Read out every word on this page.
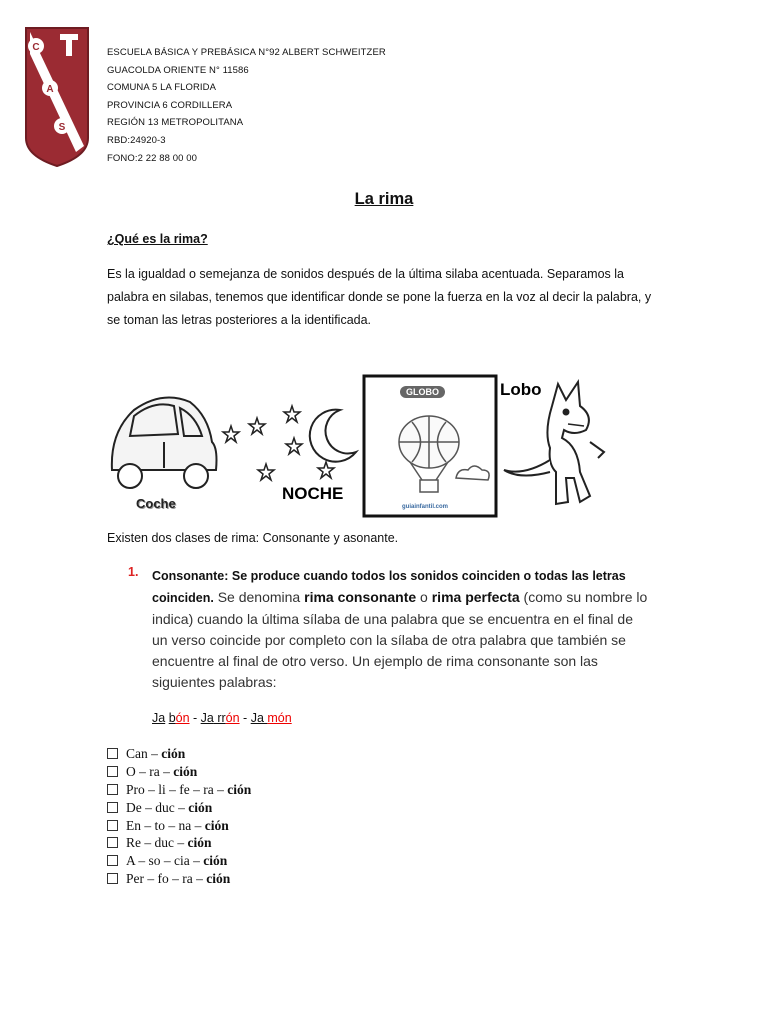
C
A
S
ESCUELA BÁSICA Y PREBÁSICA N°92 ALBERT SCHWEITZER
GUACOLDA ORIENTE N° 11586
COMUNA 5 LA FLORIDA
PROVINCIA 6 CORDILLERA
REGIÓN 13 METROPOLITANA
RBD:24920-3
FONO:2 22 88 00 00
La rima
¿Qué es la rima?
Es la igualdad o semejanza de sonidos después de la última silaba acentuada. Separamos la palabra en silabas, tenemos que identificar donde se pone la fuerza en la voz al decir la palabra, y se toman las letras posteriores a la identificada.
Coche
NOCHE
GLOBO	Lobo
guiainfantil.com
Existen dos clases de rima: Consonante y asonante.
1. Consonante: Se produce cuando todos los sonidos coinciden o todas las letras coinciden. Se denomina rima consonante o rima perfecta (como su nombre lo indica) cuando la última sílaba de una palabra que se encuentra en el final de un verso coincide por completo con la sílaba de otra palabra que también se encuentre al final de otro verso. Un ejemplo de rima consonante son las siguientes palabras:
Ja bón - Ja rrón - Ja món
Can – ción
O – ra – ción
Pro – li – fe – ra – ción
De – duc – ción
En – to – na – ción
Re – duc – ción
A – so – cia – ción
Per – fo – ra – ción
